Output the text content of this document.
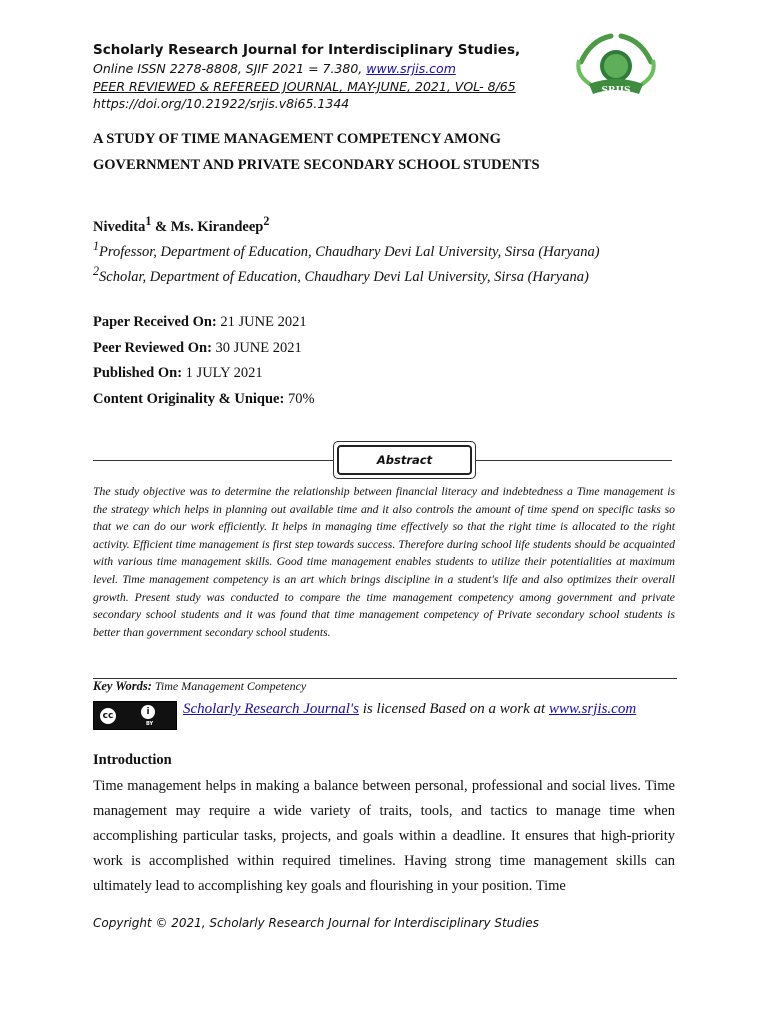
Scholarly Research Journal for Interdisciplinary Studies,
Online ISSN 2278-8808, SJIF 2021 = 7.380, www.srjis.com
PEER REVIEWED & REFEREED JOURNAL, MAY-JUNE, 2021, VOL- 8/65
https://doi.org/10.21922/srjis.v8i65.1344
SRJIS
A STUDY OF TIME MANAGEMENT COMPETENCY AMONG GOVERNMENT AND PRIVATE SECONDARY SCHOOL STUDENTS
Nivedita$^1$ & Ms. Kirandeep$^2$
$^1$Professor, Department of Education, Chaudhary Devi Lal University, Sirsa (Haryana)
$^2$Scholar, Department of Education, Chaudhary Devi Lal University, Sirsa (Haryana)
Paper Received On: 21 JUNE 2021
Peer Reviewed On: 30 JUNE 2021
Published On: 1 JULY 2021
Content Originality & Unique: 70%
Abstract
The study objective was to determine the relationship between financial literacy and indebtedness a Time management is the strategy which helps in planning out available time and it also controls the amount of time spend on specific tasks so that we can do our work efficiently. It helps in managing time effectively so that the right time is allocated to the right activity. Efficient time management is first step towards success. Therefore during school life students should be acquainted with various time management skills. Good time management enables students to utilize their potentialities at maximum level. Time management competency is an art which brings discipline in a student's life and also optimizes their overall growth. Present study was conducted to compare the time management competency among government and private secondary school students and it was found that time management competency of Private secondary school students is better than government secondary school students.
Key Words: Time Management Competency
cc	i
BY
Scholarly Research Journal's is licensed Based on a work at www.srjis.com
Introduction
Time management helps in making a balance between personal, professional and social lives. Time management may require a wide variety of traits, tools, and tactics to manage time when accomplishing particular tasks, projects, and goals within a deadline. It ensures that high-priority work is accomplished within required timelines. Having strong time management skills can ultimately lead to accomplishing key goals and flourishing in your position. Time
Copyright © 2021, Scholarly Research Journal for Interdisciplinary Studies
